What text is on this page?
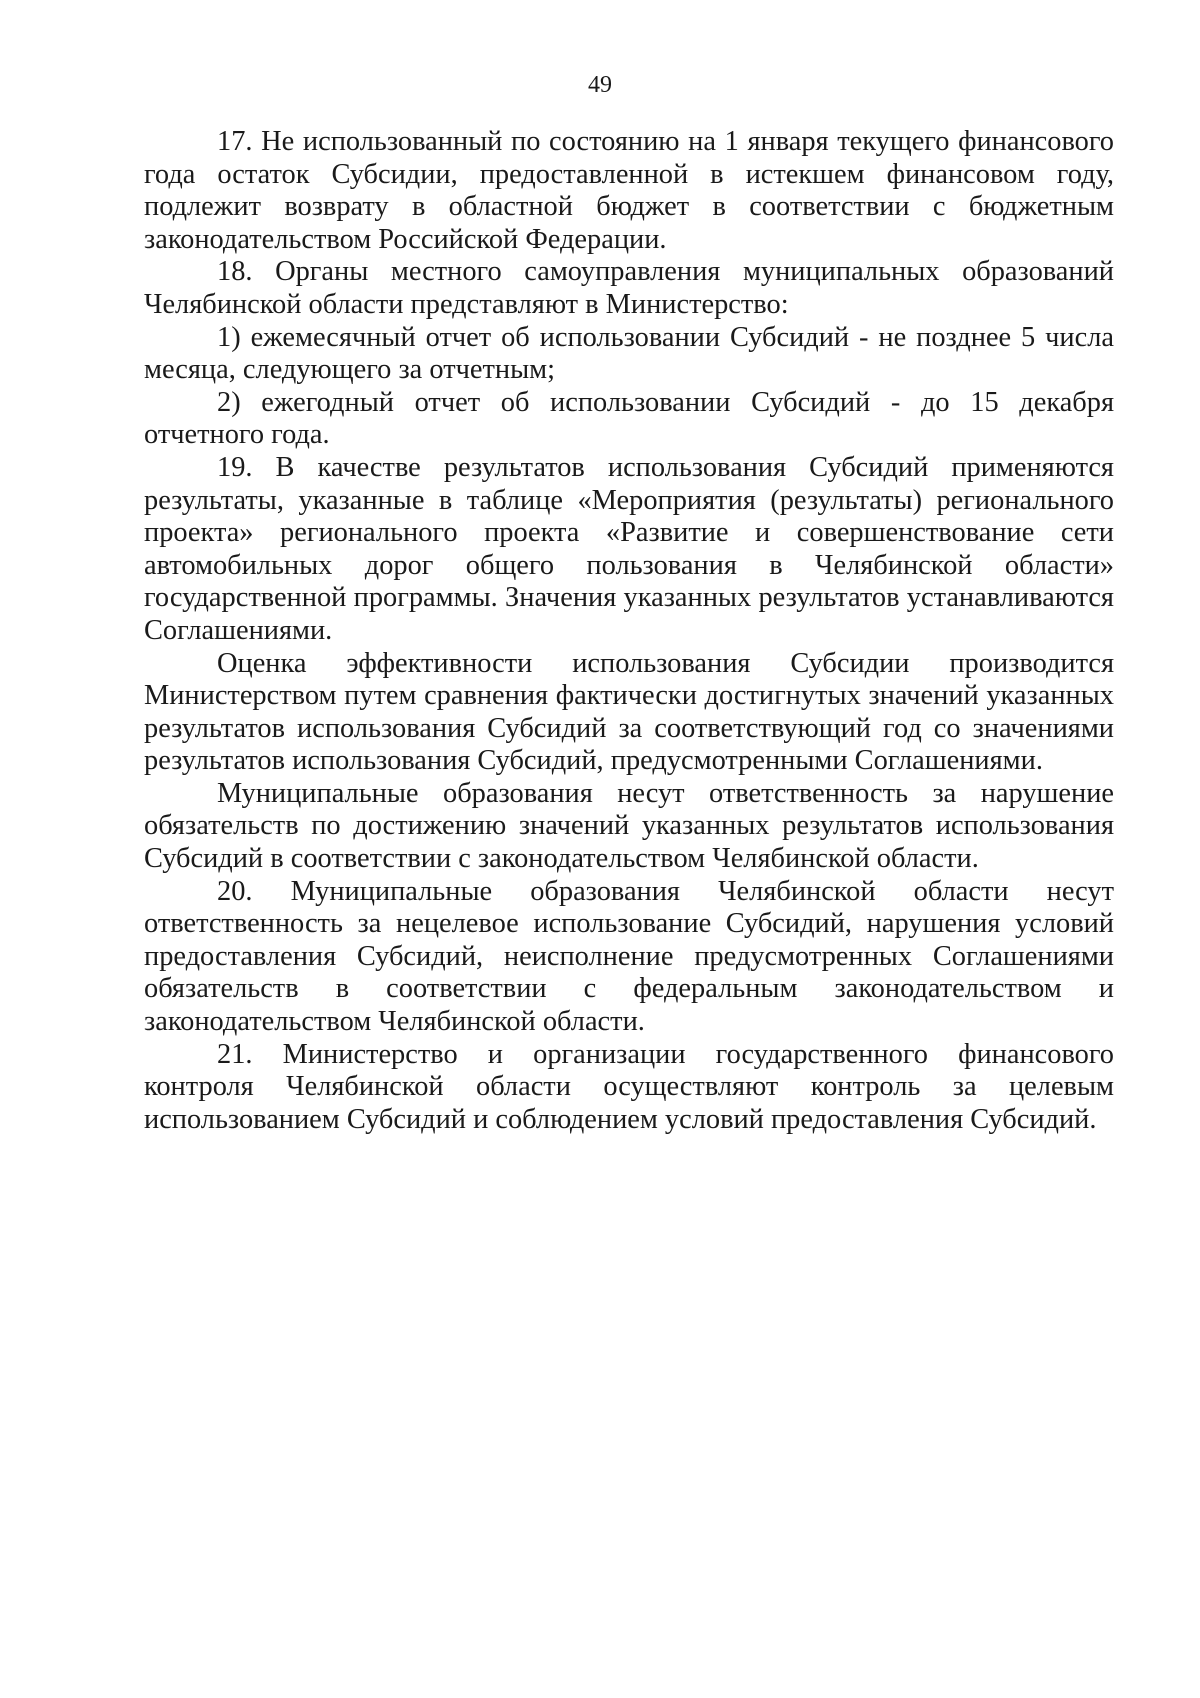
49

17. Не использованный по состоянию на 1 января текущего финансового года остаток Субсидии, предоставленной в истекшем финансовом году, подлежит возврату в областной бюджет в соответствии с бюджетным законодательством Российской Федерации.

18. Органы местного самоуправления муниципальных образований Челябинской области представляют в Министерство:

1) ежемесячный отчет об использовании Субсидий - не позднее 5 числа месяца, следующего за отчетным;

2) ежегодный отчет об использовании Субсидий - до 15 декабря отчетного года.

19. В качестве результатов использования Субсидий применяются результаты, указанные в таблице «Мероприятия (результаты) регионального проекта» регионального проекта «Развитие и совершенствование сети автомобильных дорог общего пользования в Челябинской области» государственной программы. Значения указанных результатов устанавливаются Соглашениями.

Оценка эффективности использования Субсидии производится Министерством путем сравнения фактически достигнутых значений указанных результатов использования Субсидий за соответствующий год со значениями результатов использования Субсидий, предусмотренными Соглашениями.

Муниципальные образования несут ответственность за нарушение обязательств по достижению значений указанных результатов использования Субсидий в соответствии с законодательством Челябинской области.

20. Муниципальные образования Челябинской области несут ответственность за нецелевое использование Субсидий, нарушения условий предоставления Субсидий, неисполнение предусмотренных Соглашениями обязательств в соответствии с федеральным законодательством и законодательством Челябинской области.

21. Министерство и организации государственного финансового контроля Челябинской области осуществляют контроль за целевым использованием Субсидий и соблюдением условий предоставления Субсидий.
